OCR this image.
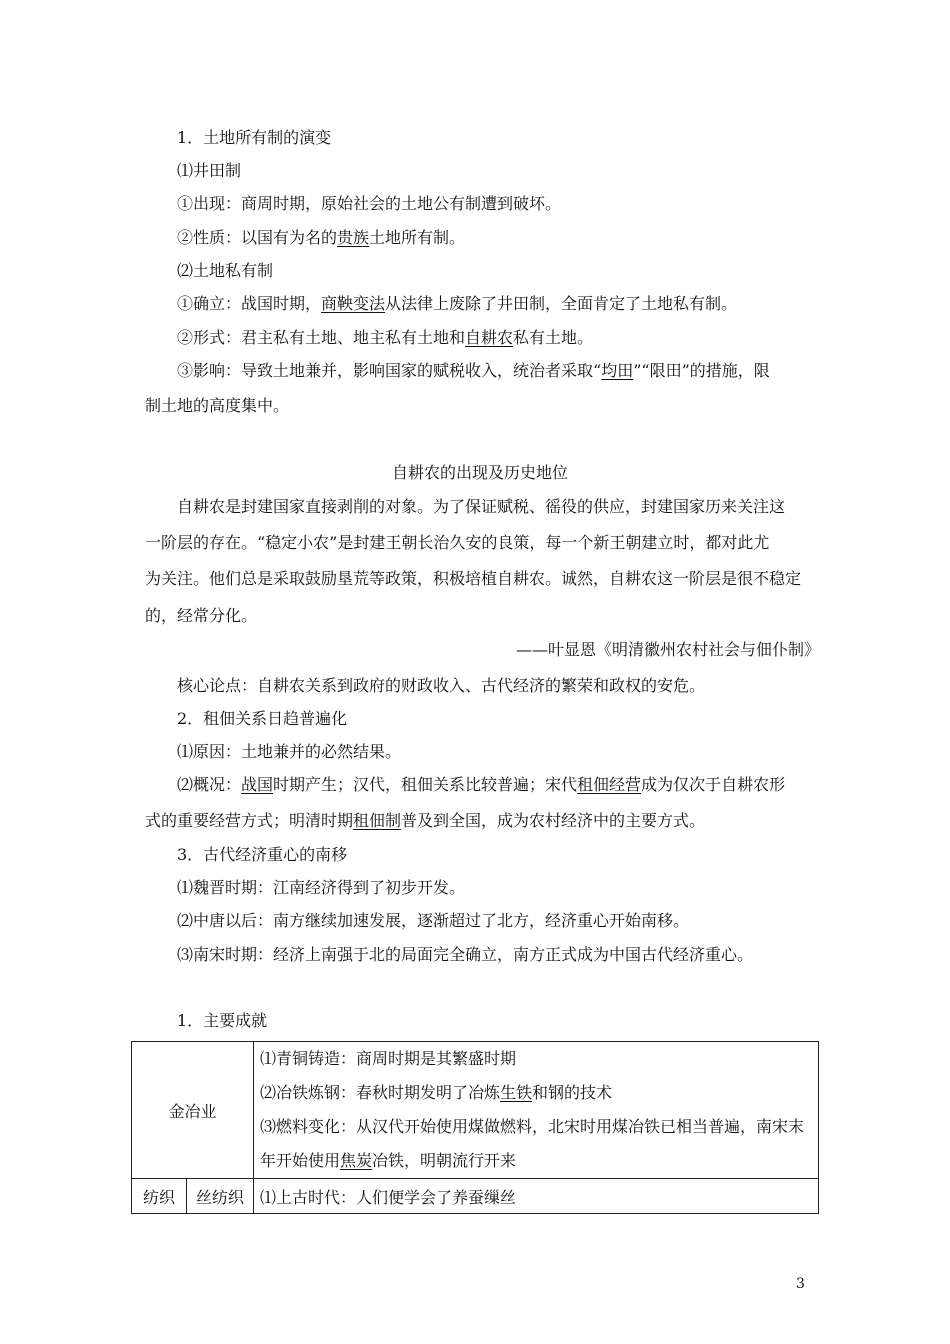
1．土地所有制的演变
⑴井田制
①出现：商周时期，原始社会的土地公有制遭到破坏。
②性质：以国有为名的贵族土地所有制。
⑵土地私有制
①确立：战国时期，商鞅变法从法律上废除了井田制，全面肯定了土地私有制。
②形式：君主私有土地、地主私有土地和自耕农私有土地。
③影响：导致土地兼并，影响国家的赋税收入，统治者采取“均田”“限田”的措施，限
制土地的高度集中。
自耕农的出现及历史地位
自耕农是封建国家直接剥削的对象。为了保证赋税、徭役的供应，封建国家历来关注这
一阶层的存在。“稳定小农”是封建王朝长治久安的良策，每一个新王朝建立时，都对此尤
为关注。他们总是采取鼓励垦荒等政策，积极培植自耕农。诚然，自耕农这一阶层是很不稳定
的，经常分化。
——叶显恩《明清徽州农村社会与佃仆制》
核心论点：自耕农关系到政府的财政收入、古代经济的繁荣和政权的安危。
2．租佃关系日趋普遍化
⑴原因：土地兼并的必然结果。
⑵概况：战国时期产生；汉代，租佃关系比较普遍；宋代租佃经营成为仅次于自耕农形
式的重要经营方式；明清时期租佃制普及到全国，成为农村经济中的主要方式。
3．古代经济重心的南移
⑴魏晋时期：江南经济得到了初步开发。
⑵中唐以后：南方继续加速发展，逐渐超过了北方，经济重心开始南移。
⑶南宋时期：经济上南强于北的局面完全确立，南方正式成为中国古代经济重心。
1．主要成就
金冶业		⑴青铜铸造：商周时期是其繁盛时期
⑵冶铁炼钢：春秋时期发明了冶炼生铁和钢的技术
⑶燃料变化：从汉代开始使用煤做燃料，北宋时用煤冶铁已相当普遍，南宋末年开始使用焦炭冶铁，明朝流行开来

纺织	丝纺织	⑴上古时代：人们便学会了养蚕缫丝
3
